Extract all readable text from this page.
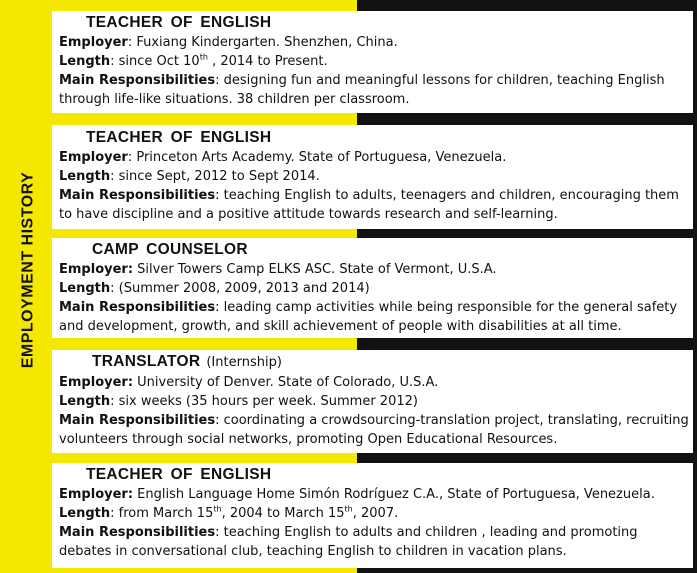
EMPLOYMENT HISTORY
TEACHER OF ENGLISH

Employer: Fuxiang Kindergarten. Shenzhen, China.

Length: since Oct 10th , 2014 to Present.

Main Responsibilities: designing fun and meaningful lessons for children, teaching English through life-like situations. 38 children per classroom.

TEACHER OF ENGLISH

Employer: Princeton Arts Academy. State of Portuguesa, Venezuela.

Length: since Sept, 2012 to Sept 2014.

Main Responsibilities: teaching English to adults, teenagers and children, encouraging them to have discipline and a positive attitude towards research and self-learning.

CAMP COUNSELOR

Employer: Silver Towers Camp ELKS ASC. State of Vermont, U.S.A.

Length: (Summer 2008, 2009, 2013 and 2014)

Main Responsibilities: leading camp activities while being responsible for the general safety and development, growth, and skill achievement of people with disabilities at all time.

TRANSLATOR (Internship)

Employer: University of Denver. State of Colorado, U.S.A.

Length: six weeks (35 hours per week. Summer 2012)

Main Responsibilities: coordinating a crowdsourcing-translation project, translating, recruiting volunteers through social networks, promoting Open Educational Resources.

TEACHER OF ENGLISH

Employer: English Language Home Simón Rodríguez C.A., State of Portuguesa, Venezuela.

Length: from March 15th, 2004 to March 15th, 2007.

Main Responsibilities: teaching English to adults and children , leading and promoting debates in conversational club, teaching English to children in vacation plans.
